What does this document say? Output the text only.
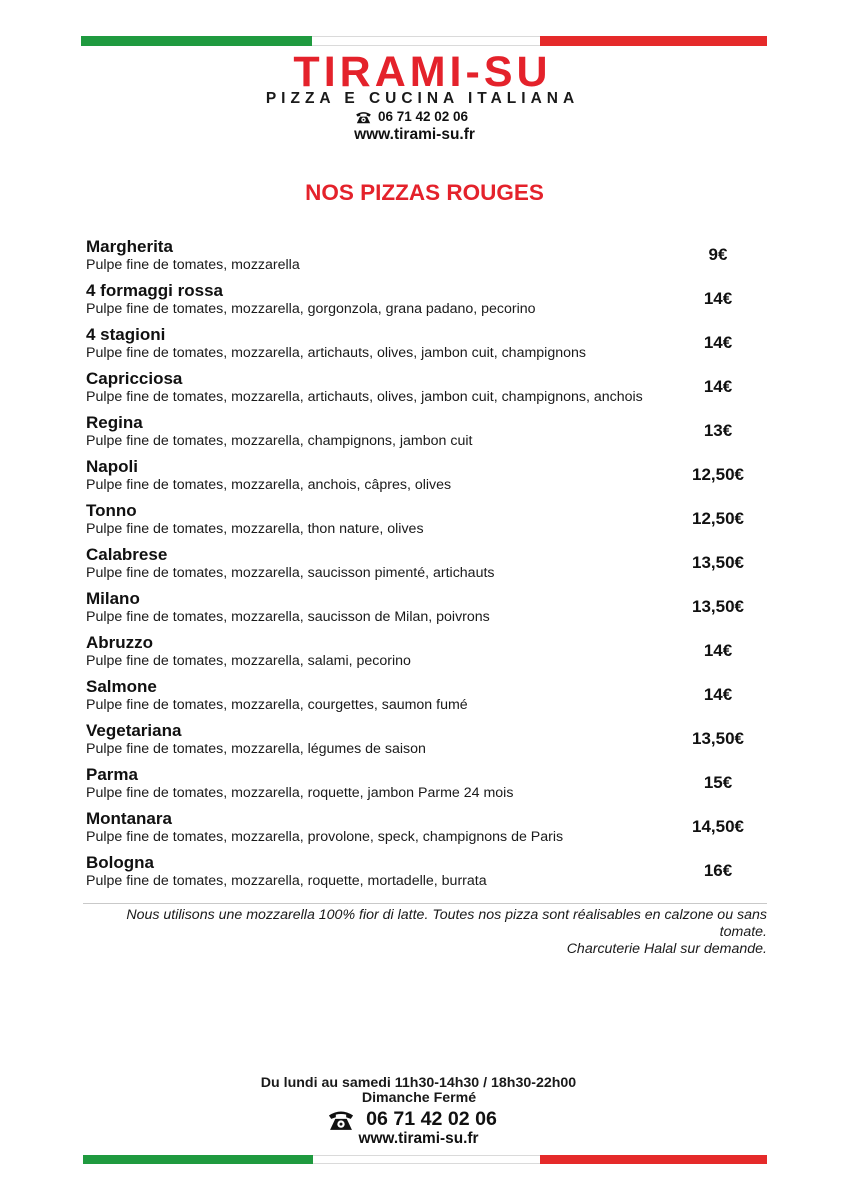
TIRAMI-SU
PIZZA E CUCINA ITALIANA
06 71 42 02 06
www.tirami-su.fr
NOS PIZZAS ROUGES
Margherita
Pulpe fine de tomates, mozzarella
9€
4 formaggi rossa
Pulpe fine de tomates, mozzarella, gorgonzola, grana padano, pecorino
14€
4 stagioni
Pulpe fine de tomates, mozzarella, artichauts, olives, jambon cuit, champignons
14€
Capricciosa
Pulpe fine de tomates, mozzarella, artichauts, olives, jambon cuit, champignons, anchois
14€
Regina
Pulpe fine de tomates, mozzarella, champignons, jambon cuit
13€
Napoli
Pulpe fine de tomates, mozzarella, anchois, câpres, olives
12,50€
Tonno
Pulpe fine de tomates, mozzarella, thon nature, olives
12,50€
Calabrese
Pulpe fine de tomates, mozzarella, saucisson pimenté, artichauts
13,50€
Milano
Pulpe fine de tomates, mozzarella, saucisson de Milan, poivrons
13,50€
Abruzzo
Pulpe fine de tomates, mozzarella, salami, pecorino
14€
Salmone
Pulpe fine de tomates, mozzarella, courgettes, saumon fumé
14€
Vegetariana
Pulpe fine de tomates, mozzarella, légumes de saison
13,50€
Parma
Pulpe fine de tomates, mozzarella, roquette, jambon Parme 24 mois
15€
Montanara
Pulpe fine de tomates, mozzarella, provolone, speck, champignons de Paris
14,50€
Bologna
Pulpe fine de tomates, mozzarella, roquette, mortadelle, burrata
16€
Nous utilisons une mozzarella 100% fior di latte. Toutes nos pizza sont réalisables en calzone ou sans tomate.
Charcuterie Halal sur demande.
Du lundi au samedi 11h30-14h30 / 18h30-22h00
Dimanche Fermé
06 71 42 02 06
www.tirami-su.fr
